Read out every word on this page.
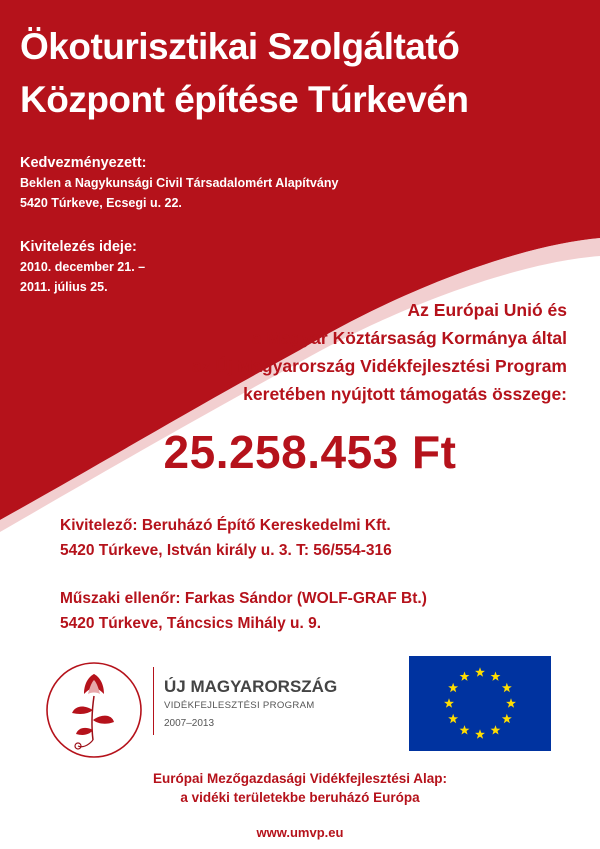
Ökoturisztikai Szolgáltató
Központ építése Túrkevén
Kedvezményezett:
Beklen a Nagykunsági Civil Társadalomért Alapítvány
5420 Túrkeve, Ecsegi u. 22.
Kivitelezés ideje:
2010. december 21. –
2011. július 25.
Az Európai Unió és
a Magyar Köztársaság Kormánya által
az Új Magyarország Vidékfejlesztési Program
keretében nyújtott támogatás összege:
25.258.453 Ft
Kivitelező: Beruházó Építő Kereskedelmi Kft.
5420 Túrkeve, István király u. 3. T: 56/554-316
Műszaki ellenőr: Farkas Sándor (WOLF-GRAF Bt.)
5420 Túrkeve, Táncsics Mihály u. 9.
ÚJ MAGYARORSZÁG
VIDÉKFEJLESZTÉSI PROGRAM
2007–2013
Európai Mezőgazdasági Vidékfejlesztési Alap:
a vidéki területekbe beruházó Európa
www.umvp.eu
